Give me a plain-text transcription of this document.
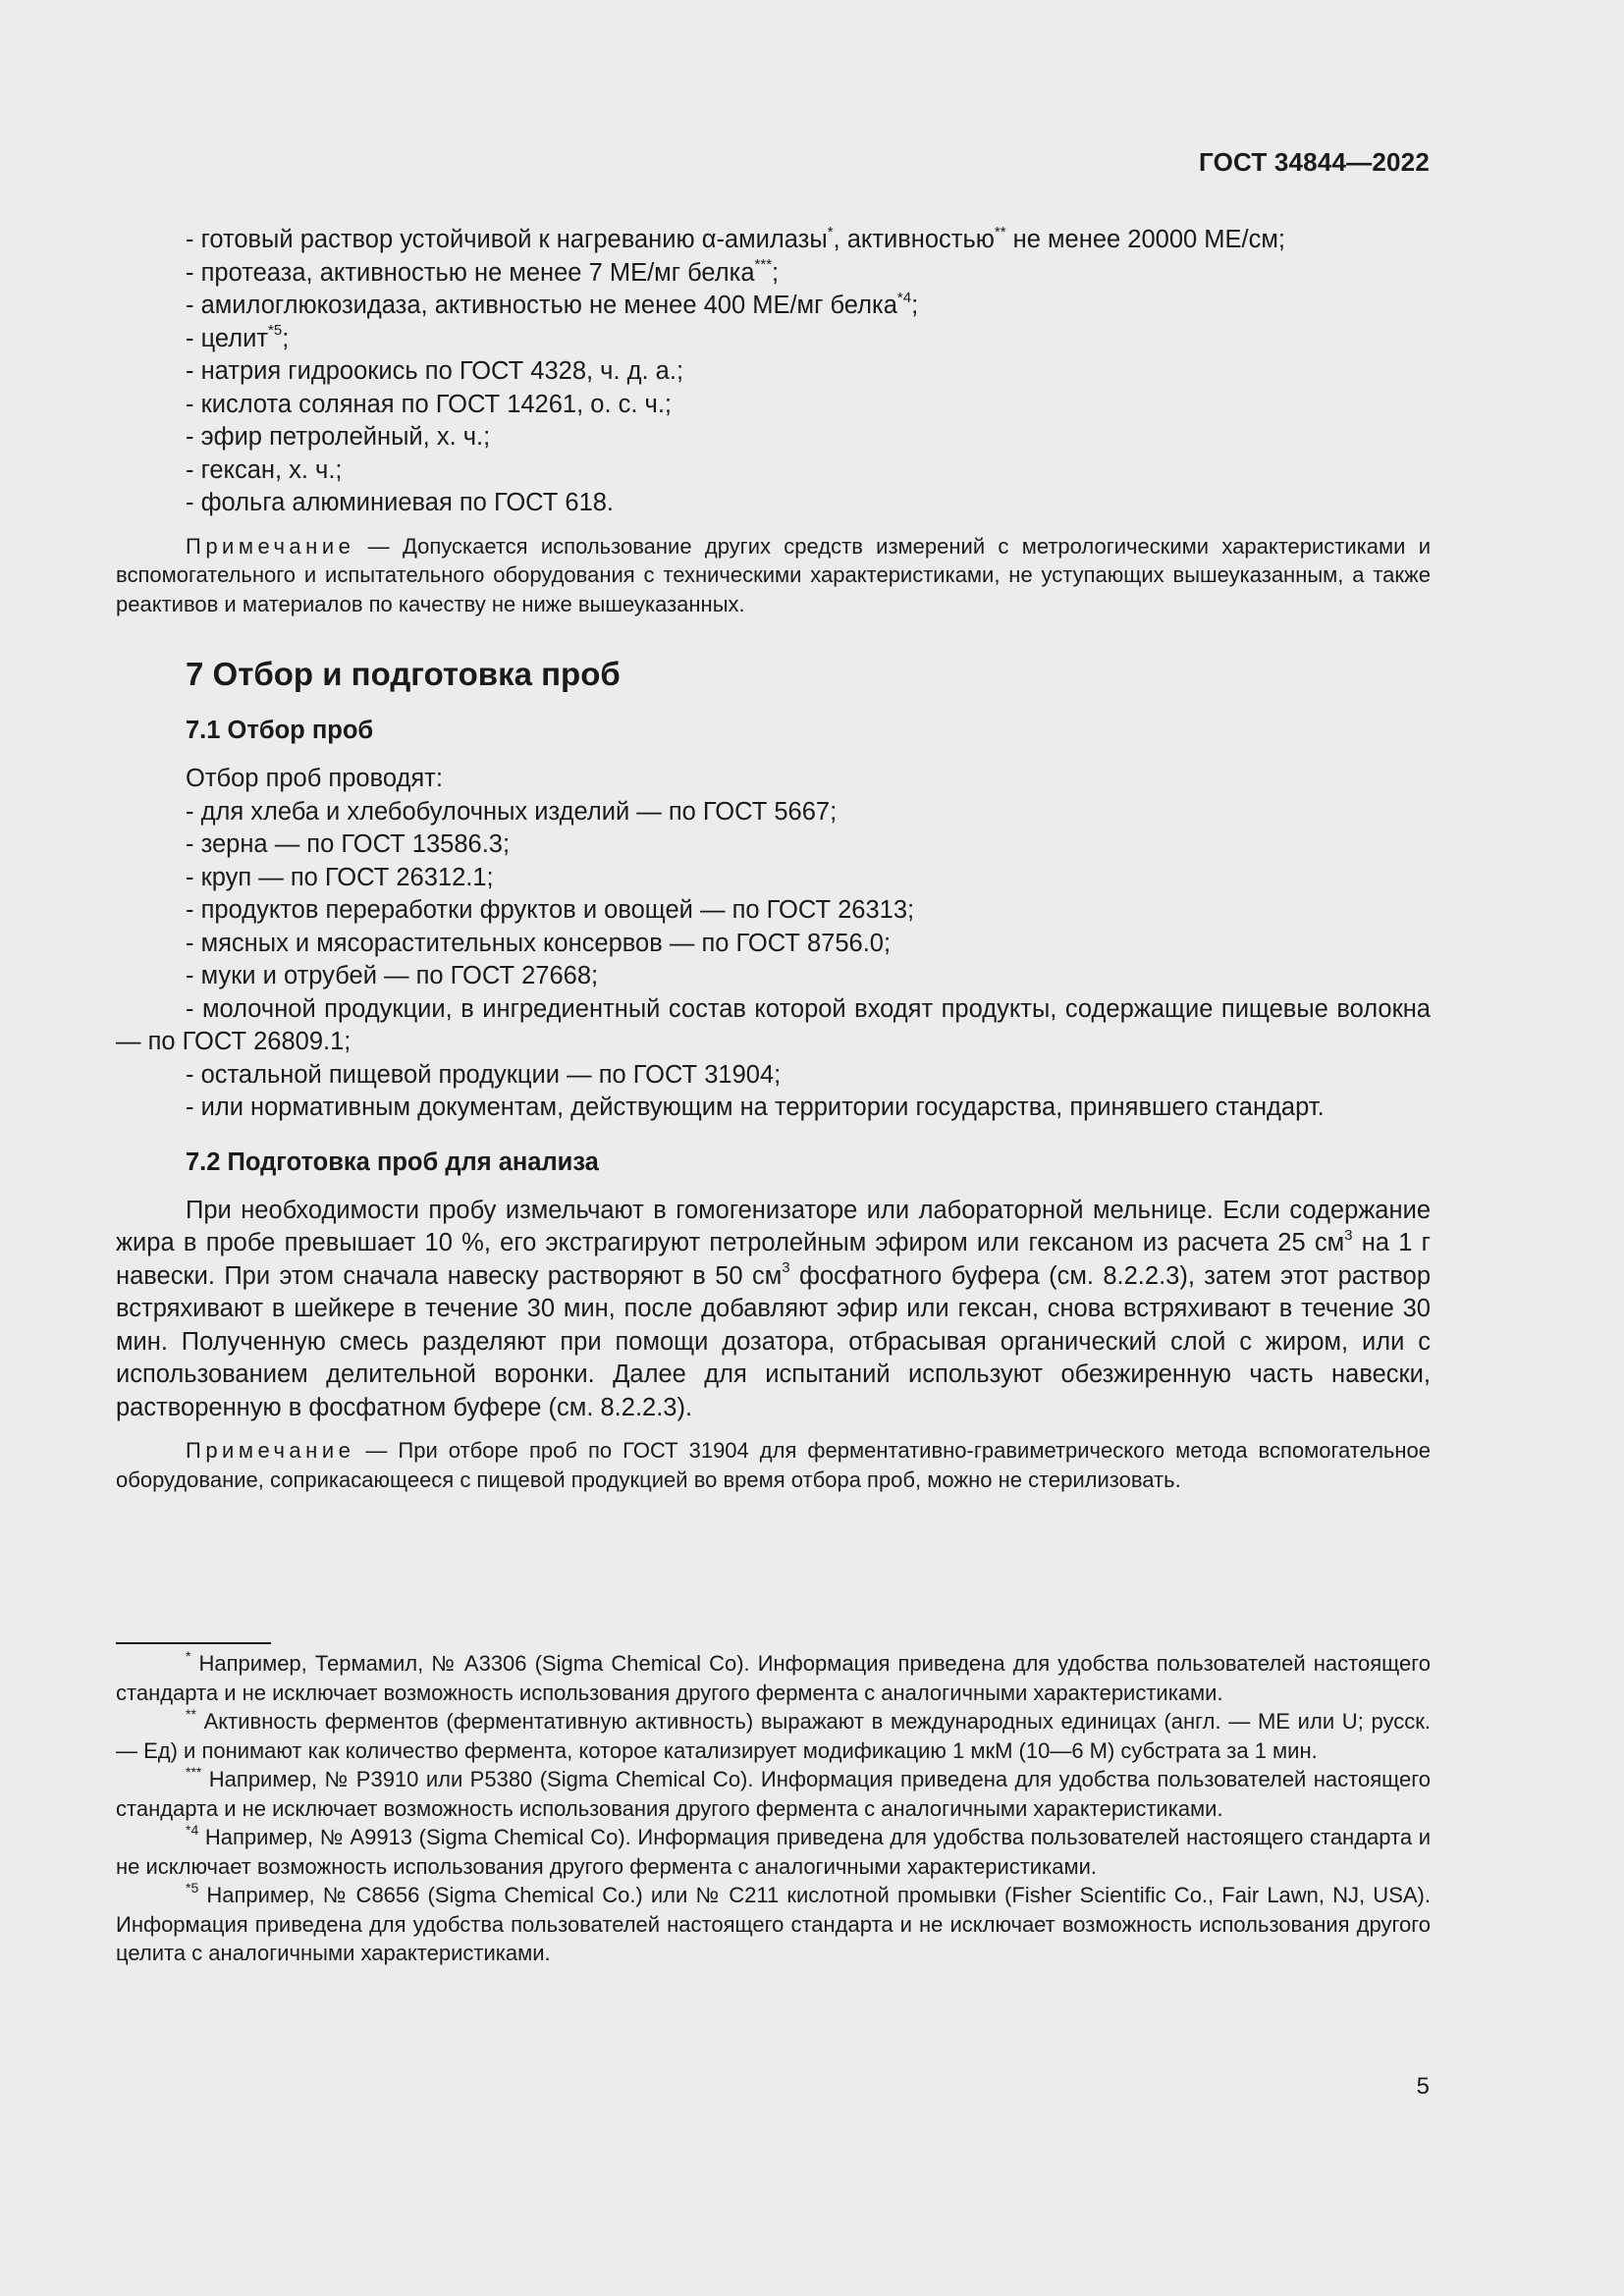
ГОСТ 34844—2022

- готовый раствор устойчивой к нагреванию α-амилазы*, активностью** не менее 20000 МЕ/см;

- протеаза, активностью не менее 7 МЕ/мг белка***;

- амилоглюкозидаза, активностью не менее 400 МЕ/мг белка$^{*4}$;

- целит$^{*5}$;

- натрия гидроокись по ГОСТ 4328, ч. д. а.;

- кислота соляная по ГОСТ 14261, о. с. ч.;

- эфир петролейный, х. ч.;

- гексан, х. ч.;

- фольга алюминиевая по ГОСТ 618.

Примечание — Допускается использование других средств измерений с метрологическими характеристиками и вспомогательного и испытательного оборудования с техническими характеристиками, не уступающих вышеуказанным, а также реактивов и материалов по качеству не ниже вышеуказанных.

7 Отбор и подготовка проб
7.1 Отбор проб

Отбор проб проводят:

- для хлеба и хлебобулочных изделий — по ГОСТ 5667;

- зерна — по ГОСТ 13586.3;

- круп — по ГОСТ 26312.1;

- продуктов переработки фруктов и овощей — по ГОСТ 26313;

- мясных и мясорастительных консервов — по ГОСТ 8756.0;

- муки и отрубей — по ГОСТ 27668;

- молочной продукции, в ингредиентный состав которой входят продукты, содержащие пищевые волокна — по ГОСТ 26809.1;

- остальной пищевой продукции — по ГОСТ 31904;

- или нормативным документам, действующим на территории государства, принявшего стандарт.

7.2 Подготовка проб для анализа

При необходимости пробу измельчают в гомогенизаторе или лабораторной мельнице. Если содержание жира в пробе превышает 10 %, его экстрагируют петролейным эфиром или гексаном из расчета 25 $см^3$ на 1 г навески. При этом сначала навеску растворяют в 50 $см^3$ фосфатного буфера (см. 8.2.2.3), затем этот раствор встряхивают в шейкере в течение 30 мин, после добавляют эфир или гексан, снова встряхивают в течение 30 мин. Полученную смесь разделяют при помощи дозатора, отбрасывая органический слой с жиром, или с использованием делительной воронки. Далее для испытаний используют обезжиренную часть навески, растворенную в фосфатном буфере (см. 8.2.2.3).

Примечание — При отборе проб по ГОСТ 31904 для ферментативно-гравиметрического метода вспомогательное оборудование, соприкасающееся с пищевой продукцией во время отбора проб, можно не стерилизовать.

* Например, Термамил, № A3306 (Sigma Chemical Co). Информация приведена для удобства пользователей настоящего стандарта и не исключает возможность использования другого фермента с аналогичными характеристиками.

** Активность ферментов (ферментативную активность) выражают в международных единицах (англ. — ME или U; русск. — Ед) и понимают как количество фермента, которое катализирует модификацию 1 мкМ (10—6 М) субстрата за 1 мин.

*** Например, № P3910 или P5380 (Sigma Chemical Co). Информация приведена для удобства пользователей настоящего стандарта и не исключает возможность использования другого фермента с аналогичными характеристиками.

$^{*4}$ Например, № A9913 (Sigma Chemical Co). Информация приведена для удобства пользователей настоящего стандарта и не исключает возможность использования другого фермента с аналогичными характеристиками.

$^{*5}$ Например, № C8656 (Sigma Chemical Co.) или № C211 кислотной промывки (Fisher Scientific Co., Fair Lawn, NJ, USA). Информация приведена для удобства пользователей настоящего стандарта и не исключает возможность использования другого целита с аналогичными характеристиками.

5
